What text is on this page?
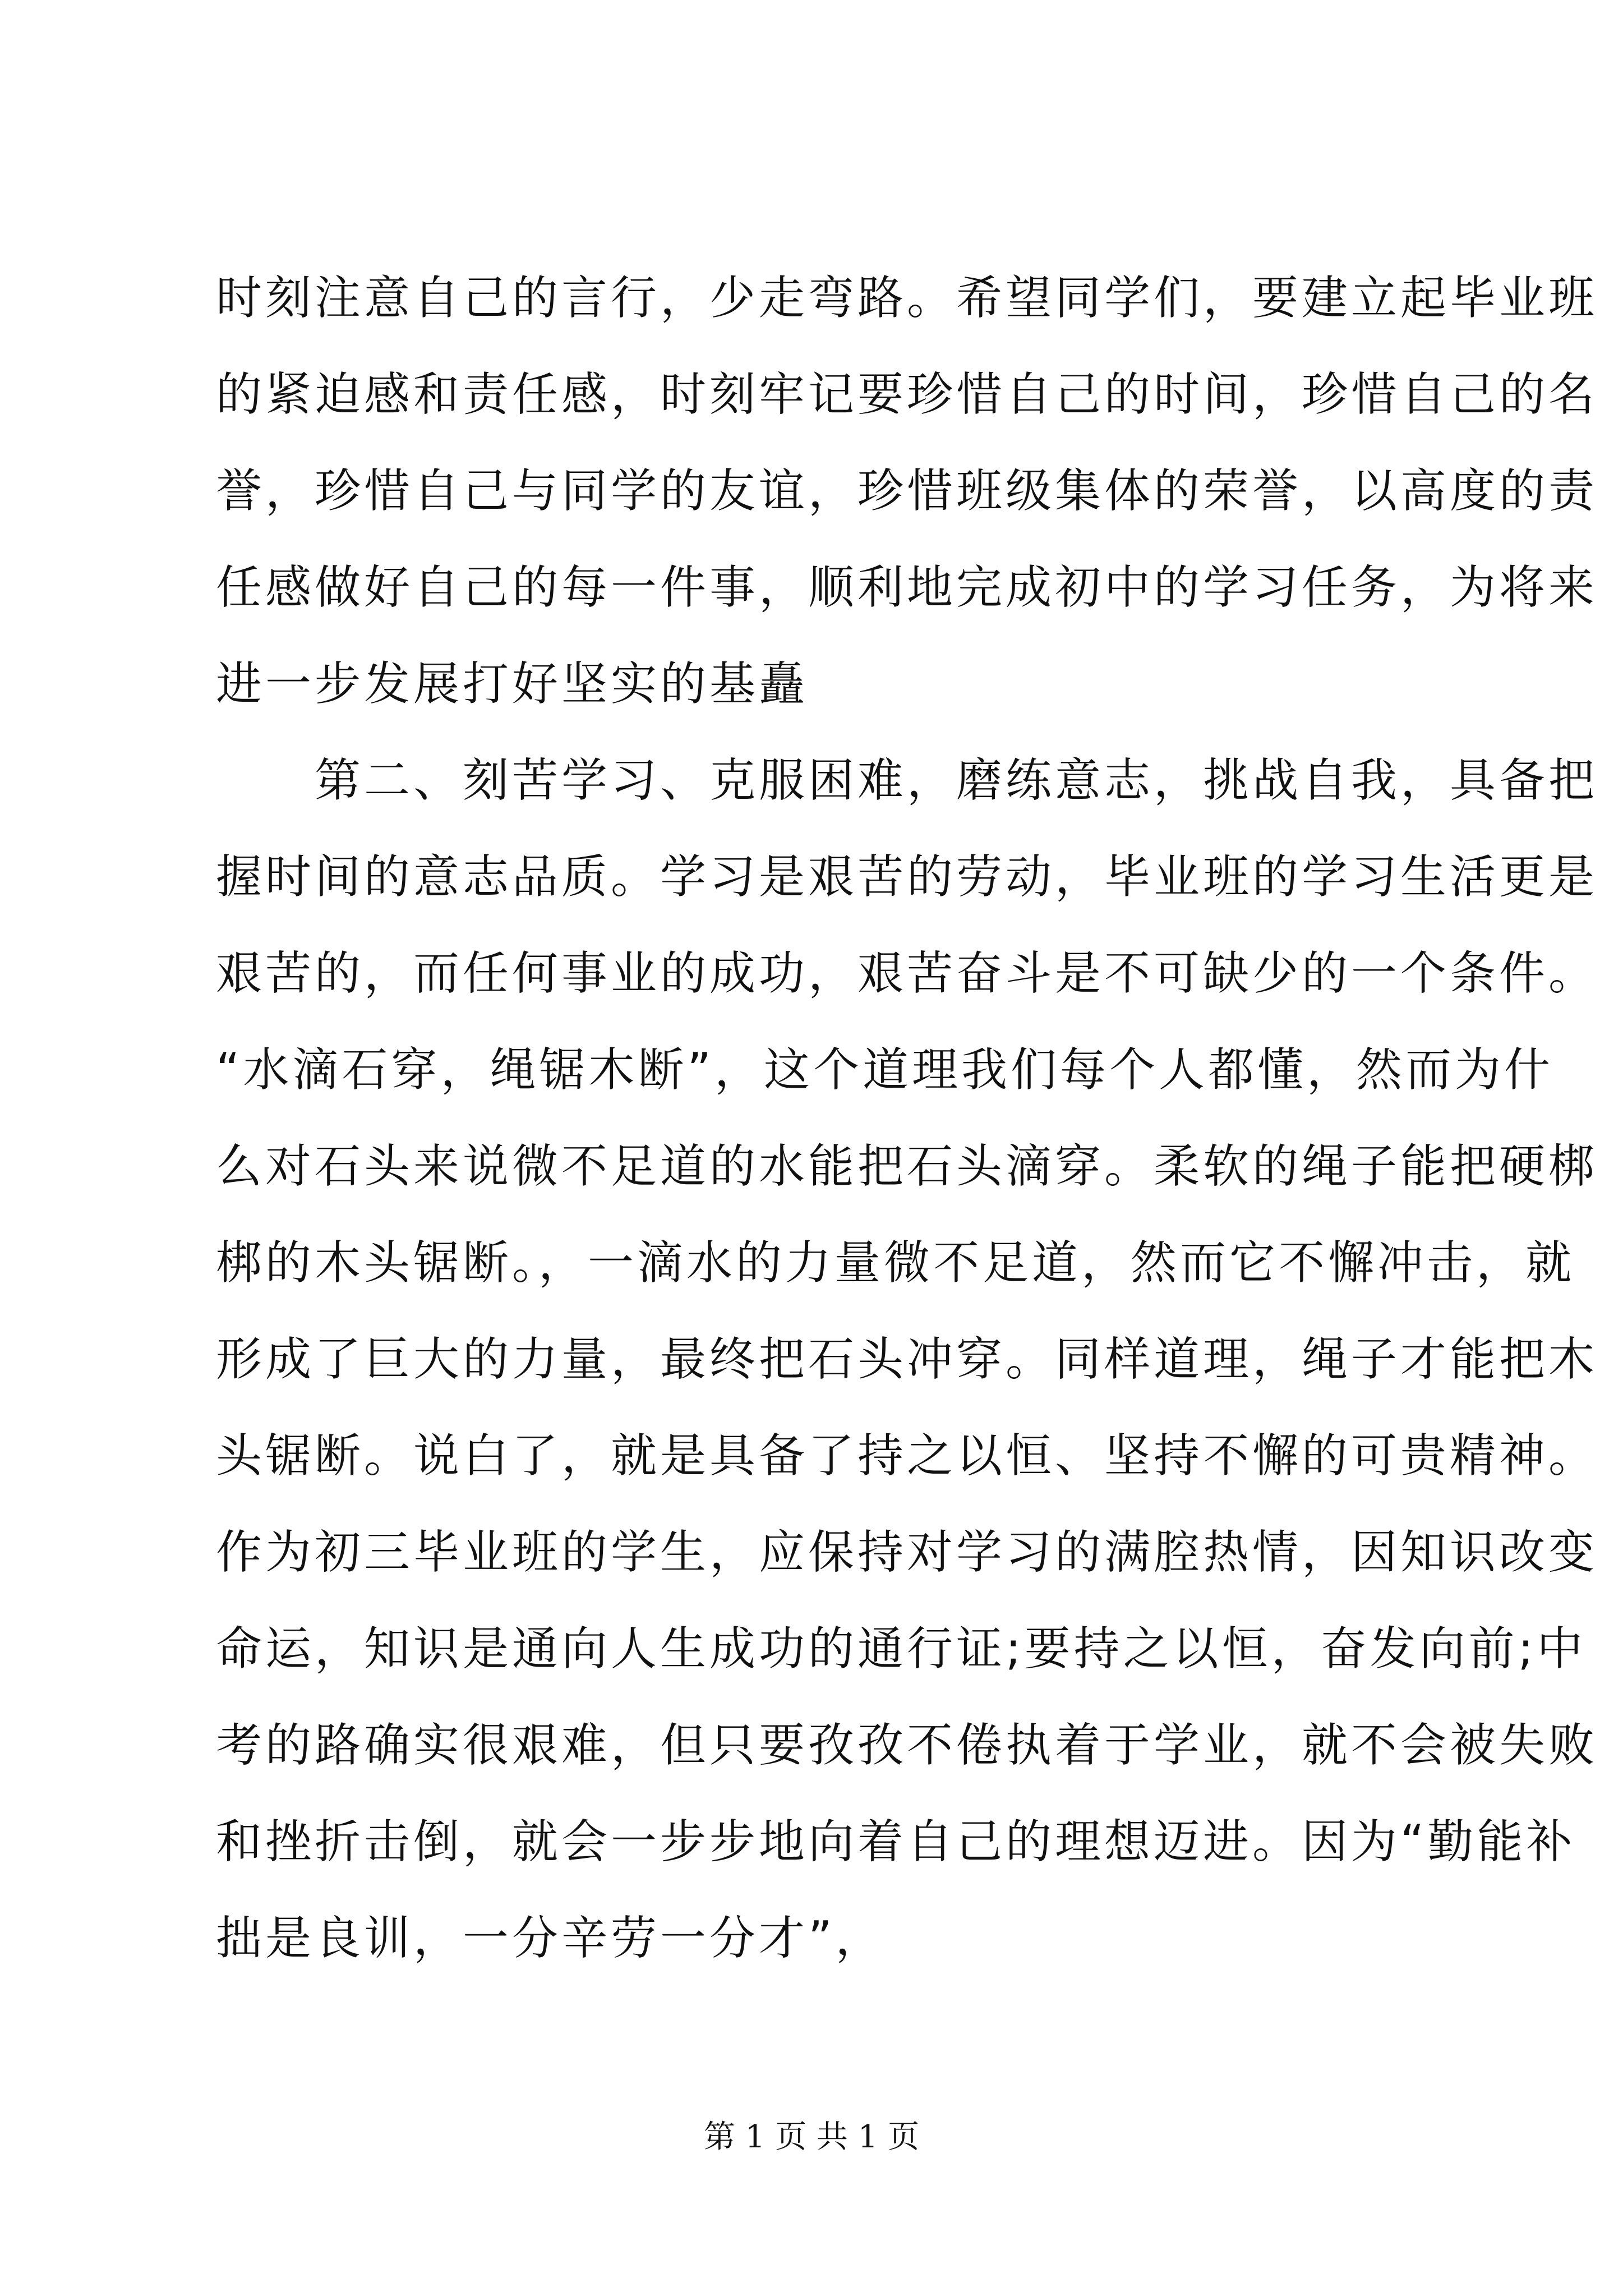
时刻注意自己的言行，少走弯路。希望同学们，要建立起毕业班
的紧迫感和责任感，时刻牢记要珍惜自己的时间，珍惜自己的名
誉，珍惜自己与同学的友谊，珍惜班级集体的荣誉，以高度的责
任感做好自己的每一件事，顺利地完成初中的学习任务，为将来
进一步发展打好坚实的基矗
　　第二、刻苦学习、克服困难，磨练意志，挑战自我，具备把
握时间的意志品质。学习是艰苦的劳动，毕业班的学习生活更是
艰苦的，而任何事业的成功，艰苦奋斗是不可缺少的一个条件。
“水滴石穿，绳锯木断”，这个道理我们每个人都懂，然而为什
么对石头来说微不足道的水能把石头滴穿。柔软的绳子能把硬梆
梆的木头锯断。，一滴水的力量微不足道，然而它不懈冲击，就
形成了巨大的力量，最终把石头冲穿。同样道理，绳子才能把木
头锯断。说白了，就是具备了持之以恒、坚持不懈的可贵精神。
作为初三毕业班的学生，应保持对学习的满腔热情，因知识改变
命运，知识是通向人生成功的通行证;要持之以恒，奋发向前;中
考的路确实很艰难，但只要孜孜不倦执着于学业，就不会被失败
和挫折击倒，就会一步步地向着自己的理想迈进。因为“勤能补
拙是良训，一分辛劳一分才”，
第 1 页 共 1 页
